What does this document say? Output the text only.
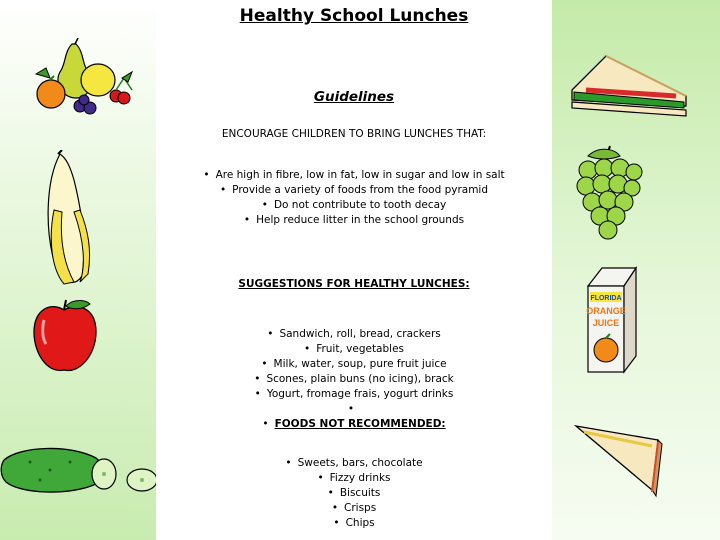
FLORIDA
ORANGE
JUICE
Healthy School Lunches
Guidelines
ENCOURAGE CHILDREN TO BRING LUNCHES THAT:
• Are high in fibre, low in fat, low in sugar and low in salt
• Provide a variety of foods from the food pyramid
• Do not contribute to tooth decay
• Help reduce litter in the school grounds
SUGGESTIONS FOR HEALTHY LUNCHES:
• Sandwich, roll, bread, crackers
• Fruit, vegetables
• Milk, water, soup, pure fruit juice
• Scones, plain buns (no icing), brack
• Yogurt, fromage frais, yogurt drinks
•
• FOODS NOT RECOMMENDED:
• Sweets, bars, chocolate
• Fizzy drinks
• Biscuits
• Crisps
• Chips
